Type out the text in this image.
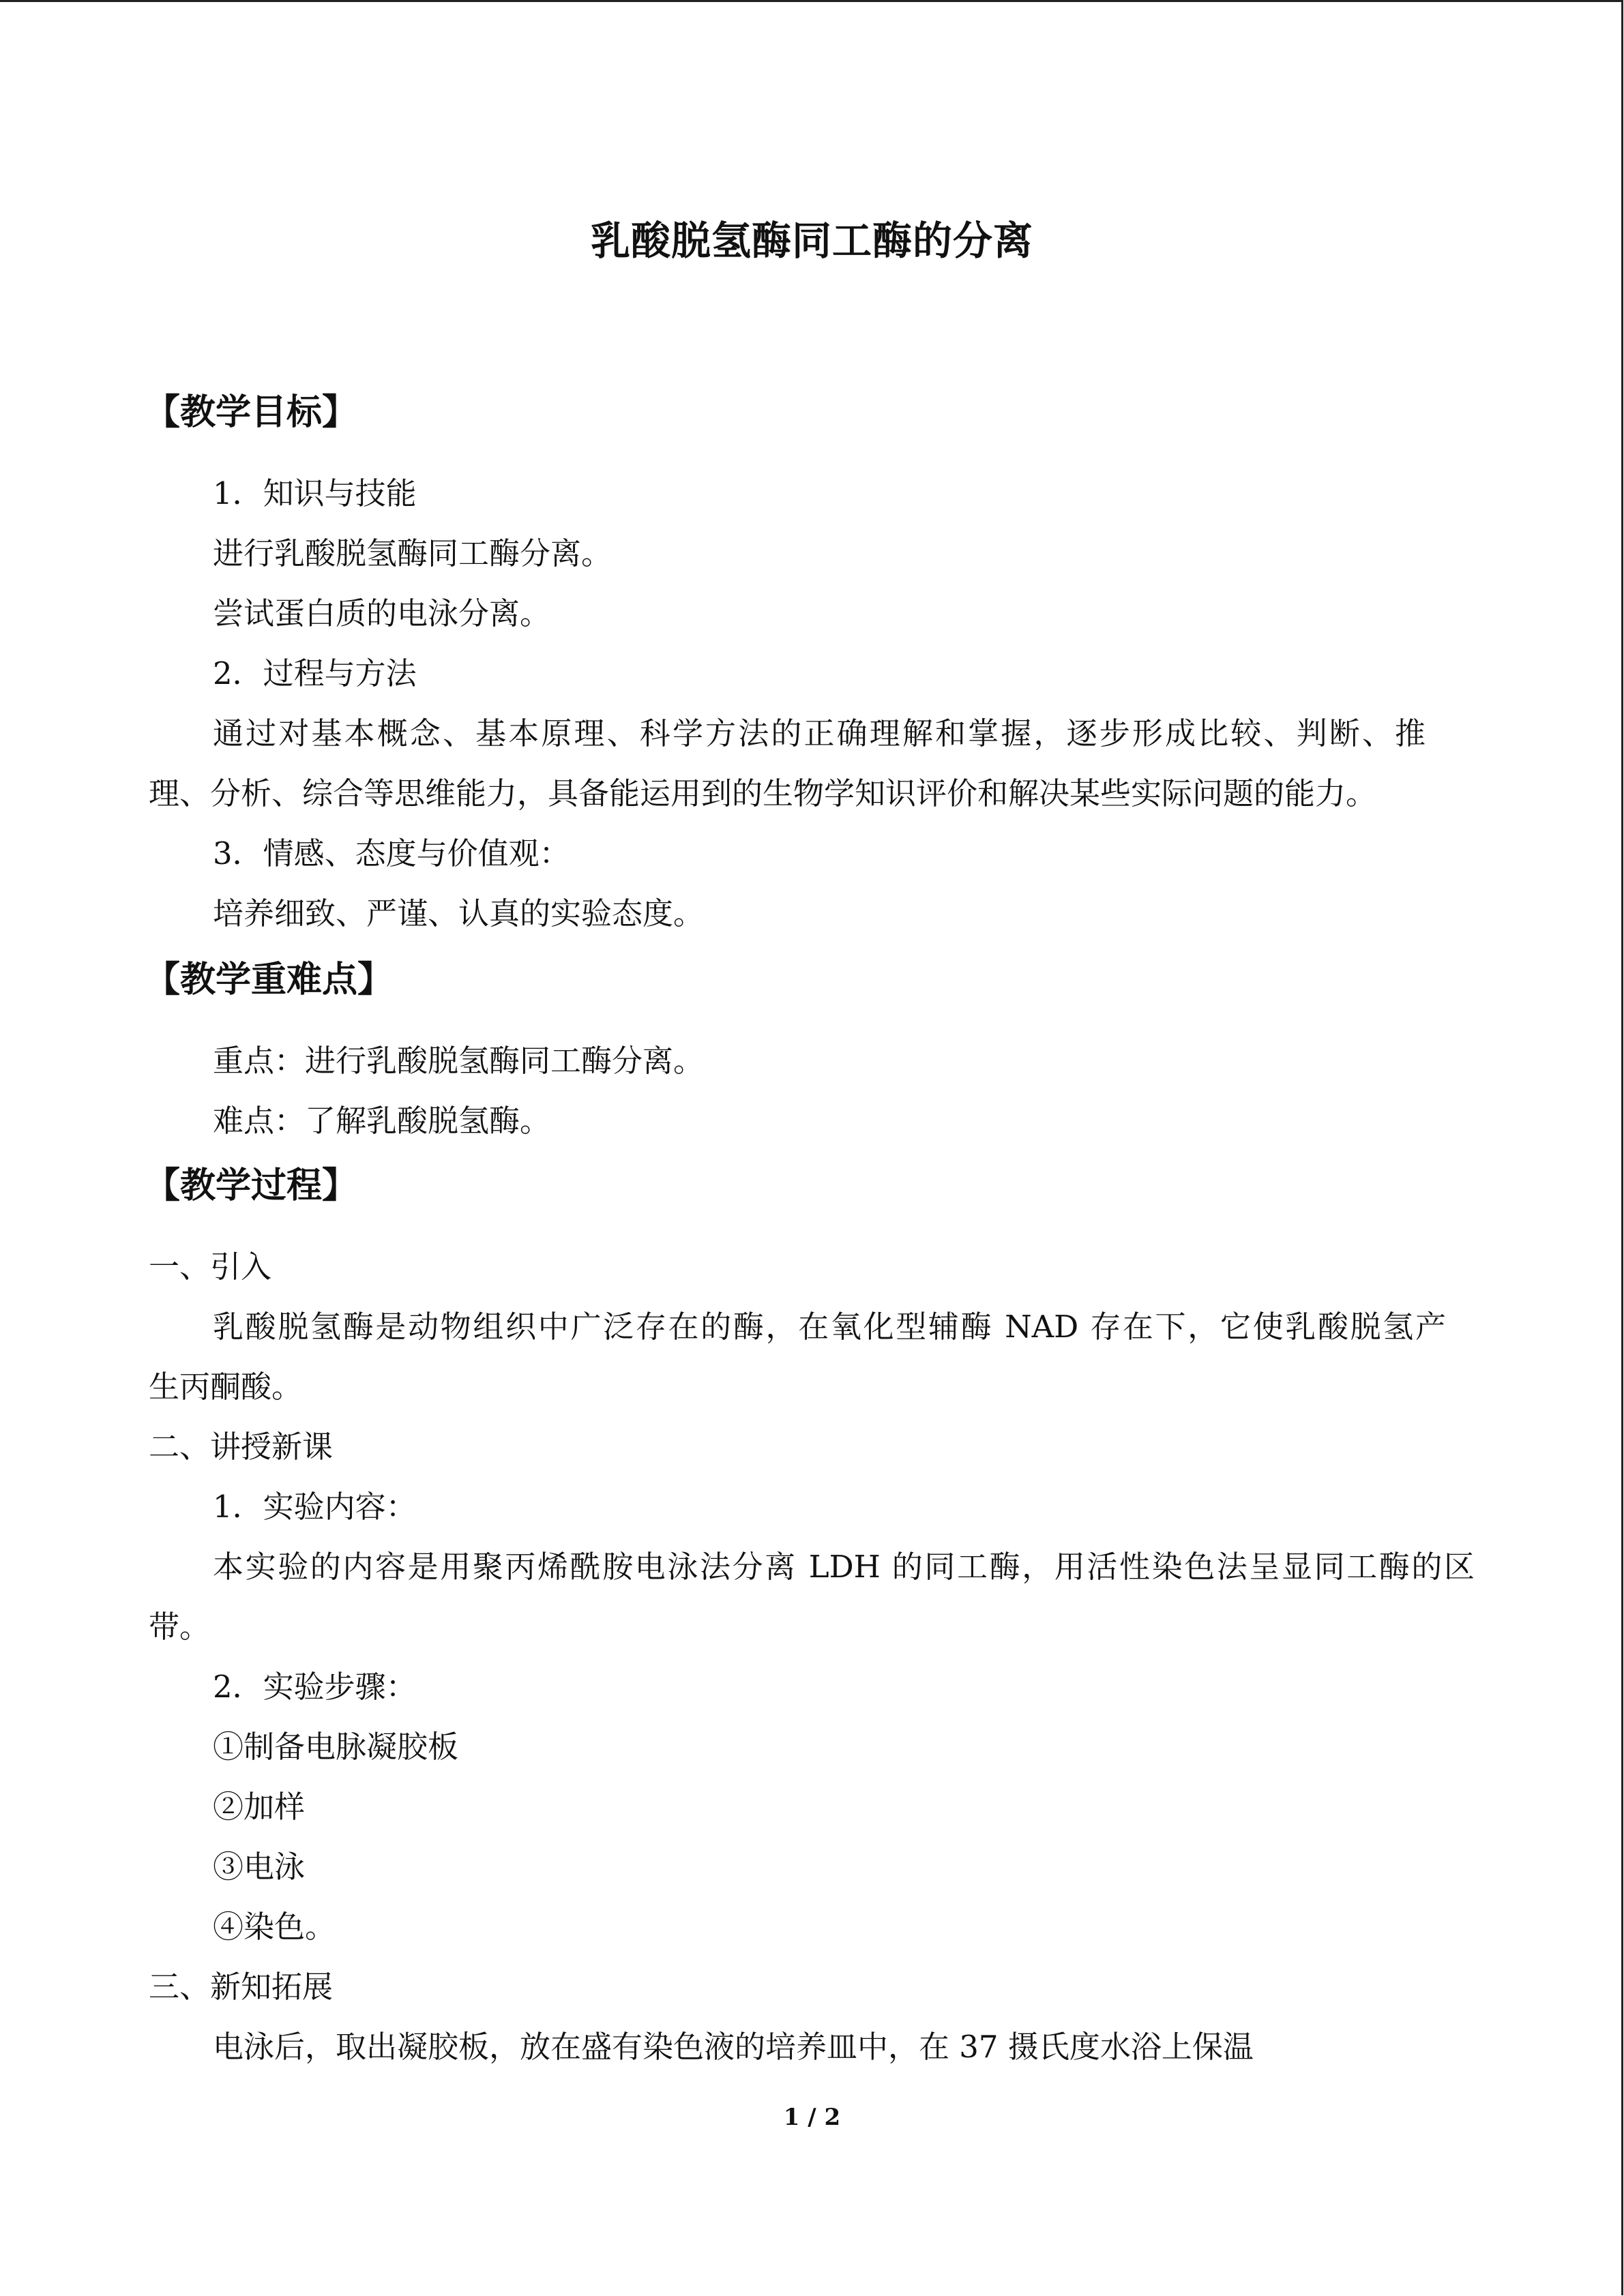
乳酸脱氢酶同工酶的分离
【教学目标】
1．知识与技能
进行乳酸脱氢酶同工酶分离。
尝试蛋白质的电泳分离。
2．过程与方法
通过对基本概念、基本原理、科学方法的正确理解和掌握，逐步形成比较、判断、推
理、分析、综合等思维能力，具备能运用到的生物学知识评价和解决某些实际问题的能力。
3．情感、态度与价值观：
培养细致、严谨、认真的实验态度。
【教学重难点】
重点：进行乳酸脱氢酶同工酶分离。
难点：了解乳酸脱氢酶。
【教学过程】
一、引入
乳酸脱氢酶是动物组织中广泛存在的酶，在氧化型辅酶 NAD 存在下，它使乳酸脱氢产
生丙酮酸。
二、讲授新课
1．实验内容：
本实验的内容是用聚丙烯酰胺电泳法分离 LDH 的同工酶，用活性染色法呈显同工酶的区
带。
2．实验步骤：
①制备电脉凝胶板
②加样
③电泳
④染色。
三、新知拓展
电泳后，取出凝胶板，放在盛有染色液的培养皿中，在 37 摄氏度水浴上保温
1 / 2
